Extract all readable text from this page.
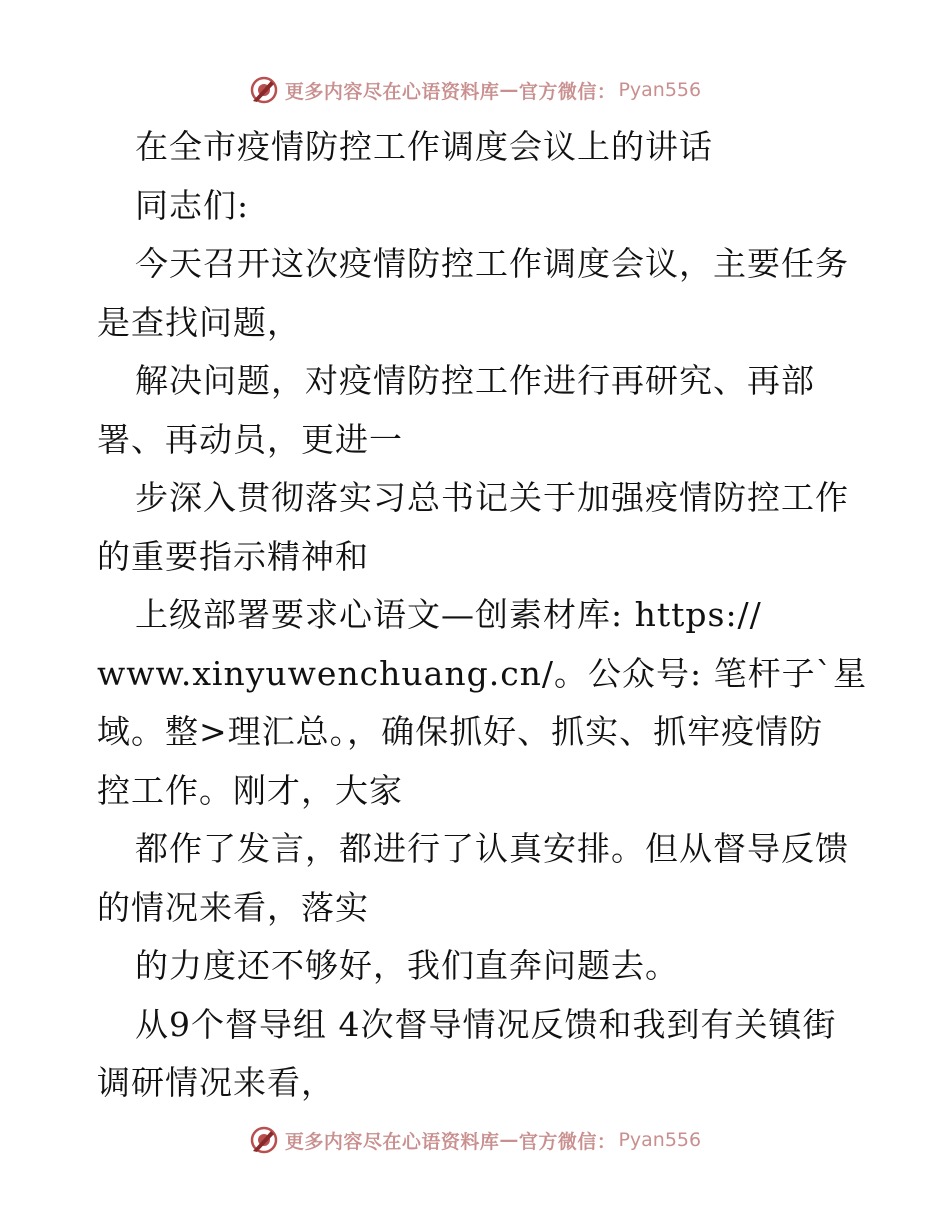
更多内容尽在心语资料库 — 官方微信： Pyan556
在全市疫情防控工作调度会议上的讲话
同志们:
今天召开这次疫情防控工作调度会议，主要任务
是查找问题，
解决问题，对疫情防控工作进行再研究、再部
署、再动员，更进一
步深入贯彻落实习总书记关于加强疫情防控工作
的重要指示精神和
上级部署要求心语文—创素材库: https://
www.xinyuwenchuang.cn/。公众号: 笔杆子`星
域。整>理汇总。，确保抓好、抓实、抓牢疫情防
控工作。刚才，大家
都作了发言，都进行了认真安排。但从督导反馈
的情况来看，落实
的力度还不够好，我们直奔问题去。
从9个督导组 4次督导情况反馈和我到有关镇街
调研情况来看，
更多内容尽在心语资料库 — 官方微信： Pyan556
